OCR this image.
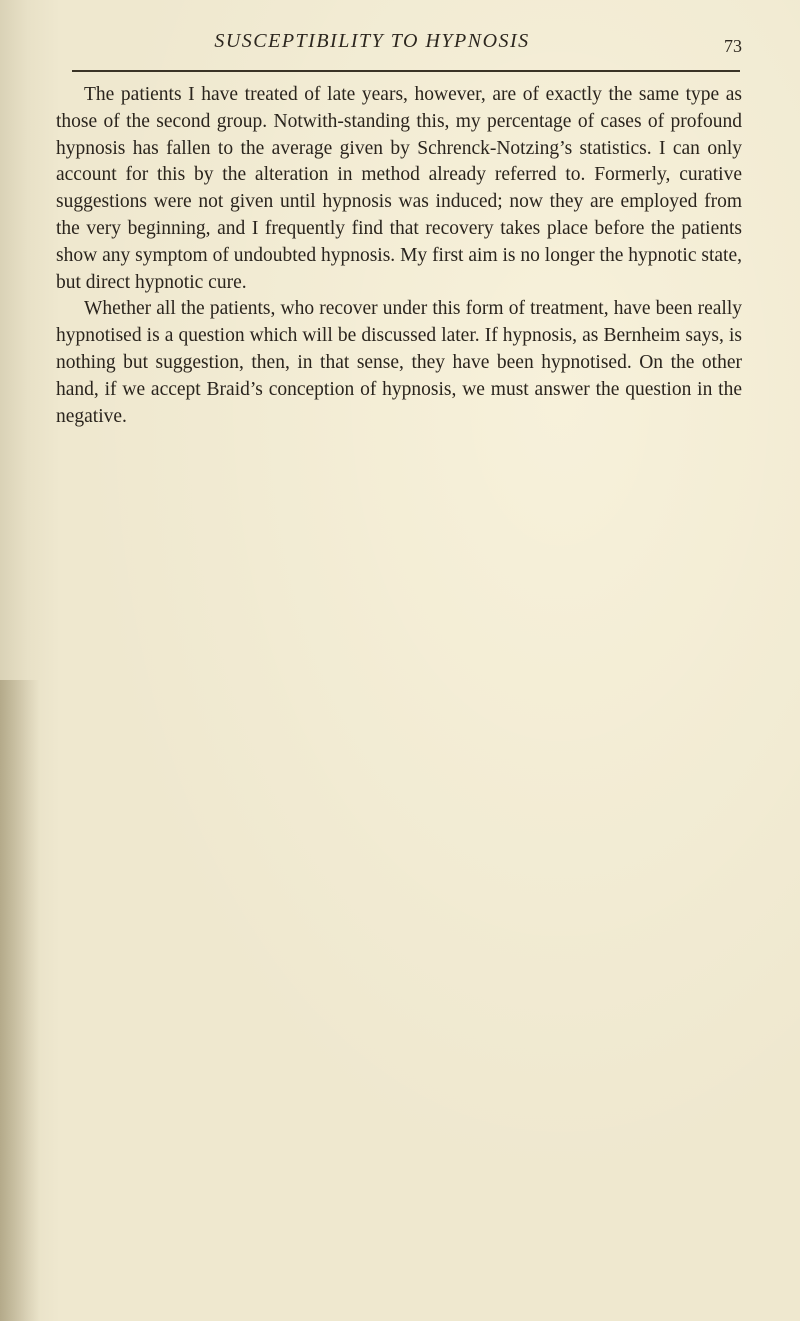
SUSCEPTIBILITY TO HYPNOSIS	73

The patients I have treated of late years, however, are of exactly the same type as those of the second group. Notwith-standing this, my percentage of cases of profound hypnosis has fallen to the average given by Schrenck-Notzing’s statistics. I can only account for this by the alteration in method already referred to. Formerly, curative suggestions were not given until hypnosis was induced; now they are employed from the very beginning, and I frequently find that recovery takes place before the patients show any symptom of undoubted hypnosis. My first aim is no longer the hypnotic state, but direct hypnotic cure.

Whether all the patients, who recover under this form of treatment, have been really hypnotised is a question which will be discussed later. If hypnosis, as Bernheim says, is nothing but suggestion, then, in that sense, they have been hypnotised. On the other hand, if we accept Braid’s conception of hypnosis, we must answer the question in the negative.
